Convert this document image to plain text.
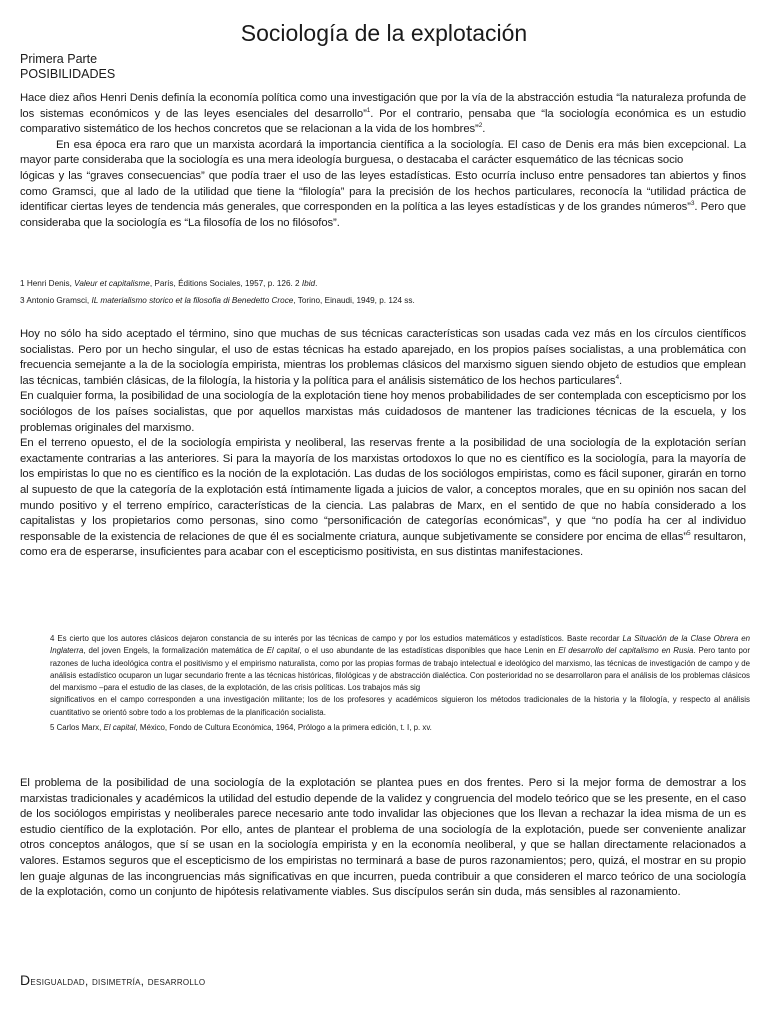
Sociología de la explotación
Primera Parte
POSIBILIDADES

Hace diez años Henri Denis definía la economía política como una investigación que por la vía de la abstracción estudia “la naturaleza profunda de los sistemas económicos y de las leyes esenciales del desarrollo”$^1$. Por el contrario, pensaba que “la sociología económica es un estudio comparativo sistemático de los hechos concretos que se relacionan a la vida de los hombres”$^2$.

En esa época era raro que un marxista acordará la importancia científica a la sociología. El caso de Denis era más bien excepcional. La mayor parte consideraba que la sociología es una mera ideología burguesa, o destacaba el carácter esquemático de las técnicas socio

lógicas y las “graves consecuencias” que podía traer el uso de las leyes estadísticas. Esto ocurría incluso entre pensadores tan abiertos y finos como Gramsci, que al lado de la utilidad que tiene la “filología” para la precisión de los hechos particulares, reconocía la “utilidad práctica de identificar ciertas leyes de tendencia más generales, que corresponden en la política a las leyes estadísticas y de los grandes números”$^3$. Pero que consideraba que la sociología es “La filosofía de los no filósofos”.

1 Henri Denis, Valeur et capitalisme, París, Éditions Sociales, 1957, p. 126. 2 Ibid.

3 Antonio Gramsci, IL materialismo storico et la filosofia di Benedetto Croce, Torino, Einaudi, 1949, p. 124 ss.

Hoy no sólo ha sido aceptado el término, sino que muchas de sus técnicas características son usadas cada vez más en los círculos científicos socialistas. Pero por un hecho singular, el uso de estas técnicas ha estado aparejado, en los propios países socialistas, a una problemática con frecuencia semejante a la de la sociología empirista, mientras los problemas clásicos del marxismo siguen siendo objeto de estudios que emplean las técnicas, también clásicas, de la filología, la historia y la política para el análisis sistemático de los hechos particulares$^4$.

En cualquier forma, la posibilidad de una sociología de la explotación tiene hoy menos probabilidades de ser contemplada con escepticismo por los sociólogos de los países socialistas, que por aquellos marxistas más cuidadosos de mantener las tradiciones técnicas de la escuela, y los problemas originales del marxismo.

En el terreno opuesto, el de la sociología empirista y neoliberal, las reservas frente a la posibilidad de una sociología de la explotación serían exactamente contrarias a las anteriores. Si para la mayoría de los marxistas ortodoxos lo que no es científico es la sociología, para la mayoría de los empiristas lo que no es científico es la noción de la explotación. Las dudas de los sociólogos empiristas, como es fácil suponer, girarán en torno al supuesto de que la categoría de la explotación está íntimamente ligada a juicios de valor, a conceptos morales, que en su opinión nos sacan del mundo positivo y el terreno empírico, características de la ciencia. Las palabras de Marx, en el sentido de que no había considerado a los capitalistas y los propietarios como personas, sino como “personificación de categorías económicas”, y que “no podía ha cer al individuo responsable de la existencia de relaciones de que él es socialmente criatura, aunque subjetivamente se considere por encima de ellas”$^5$ resultaron, como era de esperarse, insuficientes para acabar con el escepticismo positivista, en sus distintas manifestaciones.

4 Es cierto que los autores clásicos dejaron constancia de su interés por las técnicas de campo y por los estudios matemáticos y estadísticos. Baste recordar La Situación de la Clase Obrera en Inglaterra, del joven Engels, la formalización matemática de El capital, o el uso abundante de las estadísticas disponibles que hace Lenin en El desarrollo del capitalismo en Rusia. Pero tanto por razones de lucha ideológica contra el positivismo y el empirismo naturalista, como por las propias formas de trabajo intelectual e ideológico del marxismo, las técnicas de investigación de campo y de análisis estadístico ocuparon un lugar secundario frente a las técnicas históricas, filológicas y de abstracción dialéctica. Con posterioridad no se desarrollaron para el análisis de los problemas clásicos del marxismo –para el estudio de las clases, de la explotación, de las crisis políticas. Los trabajos más sig

significativos en el campo corresponden a una investigación militante; los de los profesores y académicos siguieron los métodos tradicionales de la historia y la filología, y respecto al análisis cuantitativo se orientó sobre todo a los problemas de la planificación socialista.

5 Carlos Marx, El capital, México, Fondo de Cultura Económica, 1964, Prólogo a la primera edición, t. I, p. xv.

El problema de la posibilidad de una sociología de la explotación se plantea pues en dos frentes. Pero si la mejor forma de demostrar a los marxistas tradicionales y académicos la utilidad del estudio depende de la validez y congruencia del modelo teórico que se les presente, en el caso de los sociólogos empiristas y neoliberales parece necesario ante todo invalidar las objeciones que los llevan a rechazar la idea misma de un es estudio científico de la explotación. Por ello, antes de plantear el problema de una sociología de la explotación, puede ser conveniente analizar otros conceptos análogos, que sí se usan en la sociología empirista y en la economía neoliberal, y que se hallan directamente relacionados a valores. Estamos seguros que el escepticismo de los empiristas no terminará a base de puros razonamientos; pero, quizá, el mostrar en su propio len guaje algunas de las incongruencias más significativas en que incurren, pueda contribuir a que consideren el marco teórico de una sociología de la explotación, como un conjunto de hipótesis relativamente viables. Sus discípulos serán sin duda, más sensibles al razonamiento.

Desigualdad, disimetría, desarrollo
